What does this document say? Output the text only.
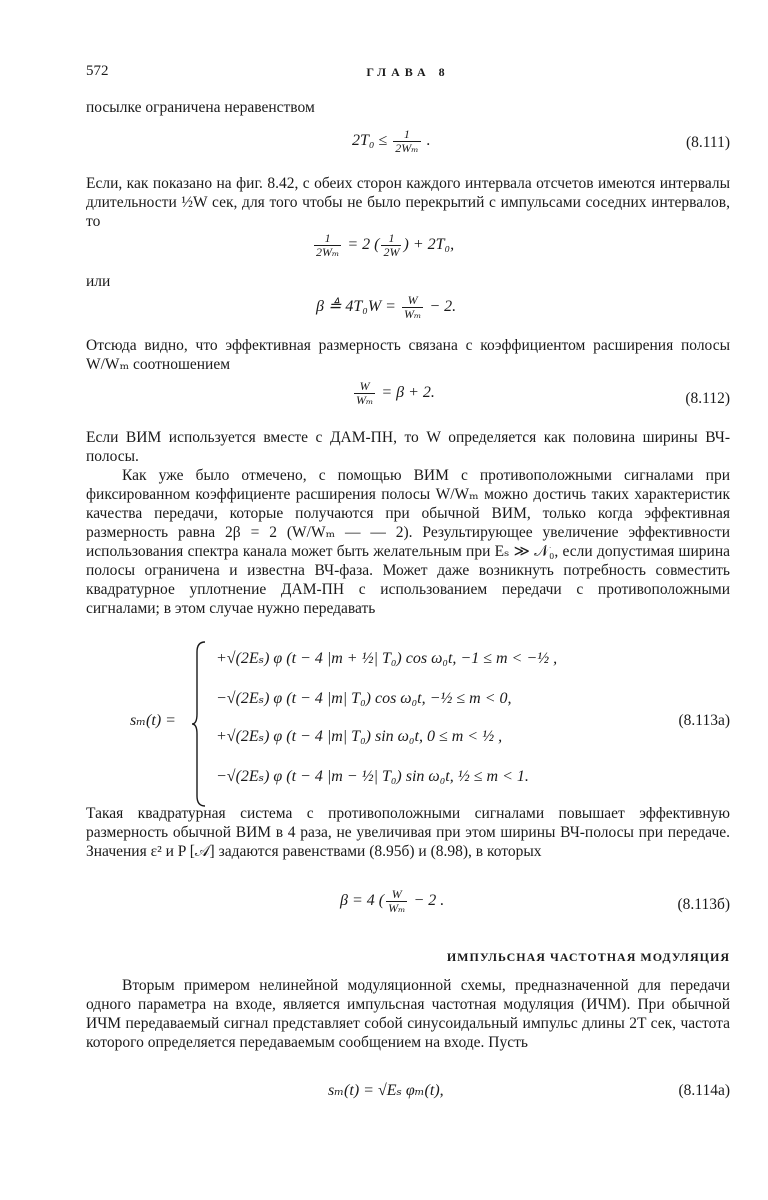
572	ГЛАВА 8

посылке ограничена неравенством

$2T_0 \le \frac{1}{\text{2Wₘ}}$ .	(8.111)

Если, как показано на фиг. 8.42, с обеих сторон каждого интервала отсчетов имеются интервалы длительности ½W сек, для того чтобы не было перекрытий с импульсами соседних интервалов, то

$\frac{1}{\text{2Wₘ}} = 2$ ( $\frac{1}{2W}$ ) + 2T₀,

или

β ≜ $4T_0W = \frac{W}{\text{Wₘ}} - 2$.

Отсюда видно, что эффективная размерность связана с коэффициентом расширения полосы W/Wₘ соотношением

$\frac{W}{\text{Wₘ}} = \beta + 2$.	(8.112)

Если ВИМ используется вместе с ДАМ-ПН, то W определяется как половина ширины ВЧ-полосы.

Как уже было отмечено, с помощью ВИМ с противоположными сигналами при фиксированном коэффициенте расширения полосы W/Wₘ можно достичь таких характеристик качества передачи, которые получаются при обычной ВИМ, только когда эффективная размерность равна 2β = 2 (W/Wₘ — — 2). Результирующее увеличение эффективности использования спектра канала может быть желательным при Eₛ ≫ 𝒩₀, если допустимая ширина полосы ограничена и известна ВЧ-фаза. Может даже возникнуть потребность совместить квадратурное уплотнение ДАМ-ПН с использованием передачи с противоположными сигналами; в этом случае нужно передавать

sₘ(t) =
+√(2Eₛ) φ (t − 4 |m + ½| T₀) cos ω₀t, −1 ≤ m < −½ ,
−√(2Eₛ) φ (t − 4 |m| T₀) cos ω₀t, −½ ≤ m < 0,
+√(2Eₛ) φ (t − 4 |m| T₀) sin ω₀t, 0 ≤ m < ½ ,
−√(2Eₛ) φ (t − 4 |m − ½| T₀) sin ω₀t, ½ ≤ m < 1.
(8.113а)

Такая квадратурная система с противоположными сигналами повышает эффективную размерность обычной ВИМ в 4 раза, не увеличивая при этом ширины ВЧ-полосы при передаче. Значения ε² и P [𝒜] задаются равенствами (8.95б) и (8.98), в которых

β = 4 ( $\frac{W}{\text{Wₘ}} - 2$ .	(8.113б)
ИМПУЛЬСНАЯ ЧАСТОТНАЯ МОДУЛЯЦИЯ

Вторым примером нелинейной модуляционной схемы, предназначенной для передачи одного параметра на входе, является импульсная частотная модуляция (ИЧМ). При обычной ИЧМ передаваемый сигнал представляет собой синусоидальный импульс длины 2T сек, частота которого определяется передаваемым сообщением на входе. Пусть

sₘ(t) = √Eₛ φₘ(t),	(8.114а)
